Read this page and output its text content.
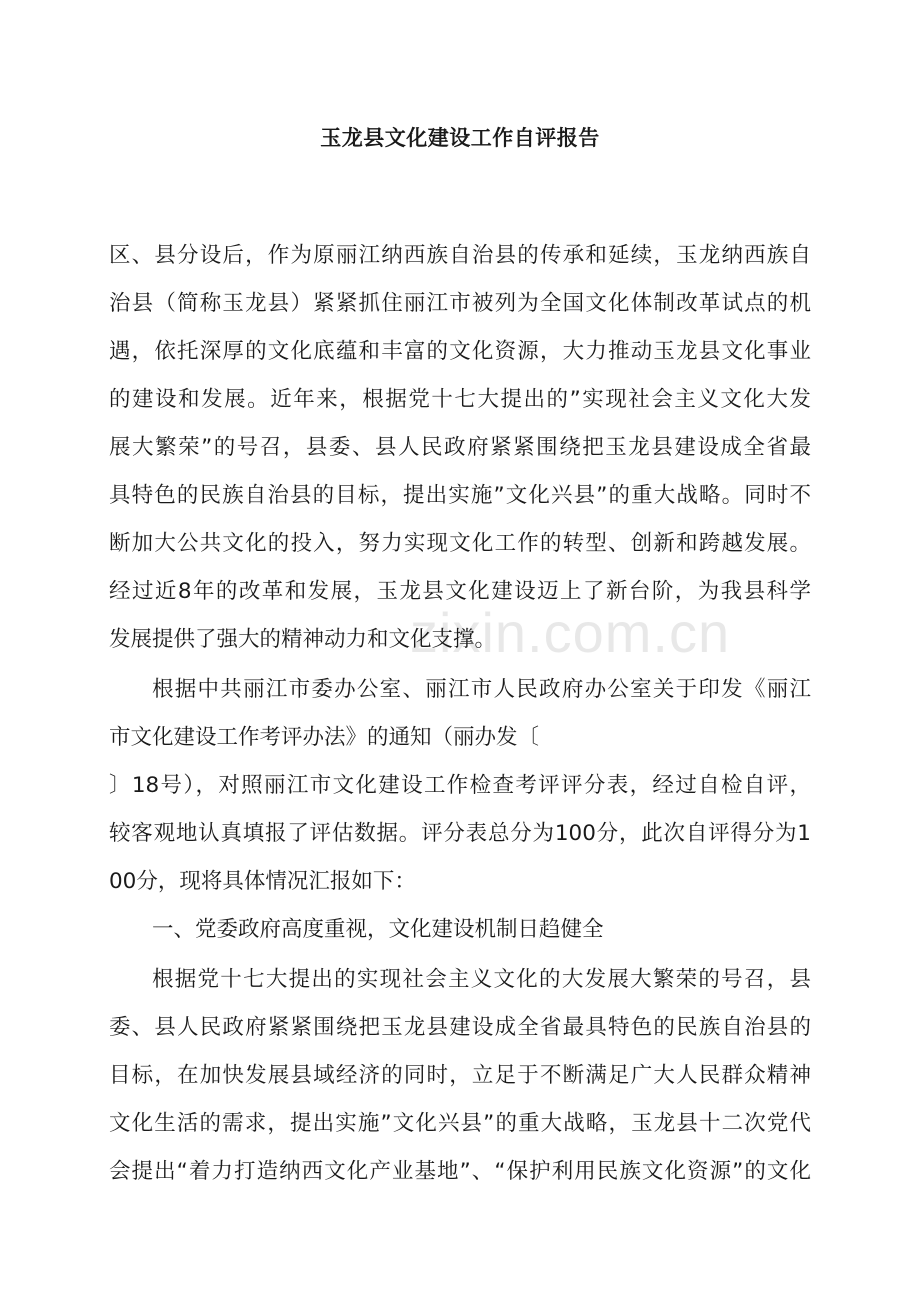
zixin.com.cn
玉龙县文化建设工作自评报告
区、县分设后，作为原丽江纳西族自治县的传承和延续，玉龙纳西族自
治县（简称玉龙县）紧紧抓住丽江市被列为全国文化体制改革试点的机
遇，依托深厚的文化底蕴和丰富的文化资源，大力推动玉龙县文化事业
的建设和发展。近年来，根据党十七大提出的”实现社会主义文化大发
展大繁荣”的号召，县委、县人民政府紧紧围绕把玉龙县建设成全省最
具特色的民族自治县的目标，提出实施”文化兴县”的重大战略。同时不
断加大公共文化的投入，努力实现文化工作的转型、创新和跨越发展。
经过近8年的改革和发展，玉龙县文化建设迈上了新台阶，为我县科学
发展提供了强大的精神动力和文化支撑。
根据中共丽江市委办公室、丽江市人民政府办公室关于印发《丽江
市文化建设工作考评办法》的通知（丽办发〔
〕18号），对照丽江市文化建设工作检查考评评分表，经过自检自评，
较客观地认真填报了评估数据。评分表总分为100分，此次自评得分为1
00分，现将具体情况汇报如下：
一、党委政府高度重视，文化建设机制日趋健全
根据党十七大提出的实现社会主义文化的大发展大繁荣的号召，县
委、县人民政府紧紧围绕把玉龙县建设成全省最具特色的民族自治县的
目标，在加快发展县域经济的同时，立足于不断满足广大人民群众精神
文化生活的需求，提出实施”文化兴县”的重大战略，玉龙县十二次党代
会提出“着力打造纳西文化产业基地”、“保护利用民族文化资源”的文化
